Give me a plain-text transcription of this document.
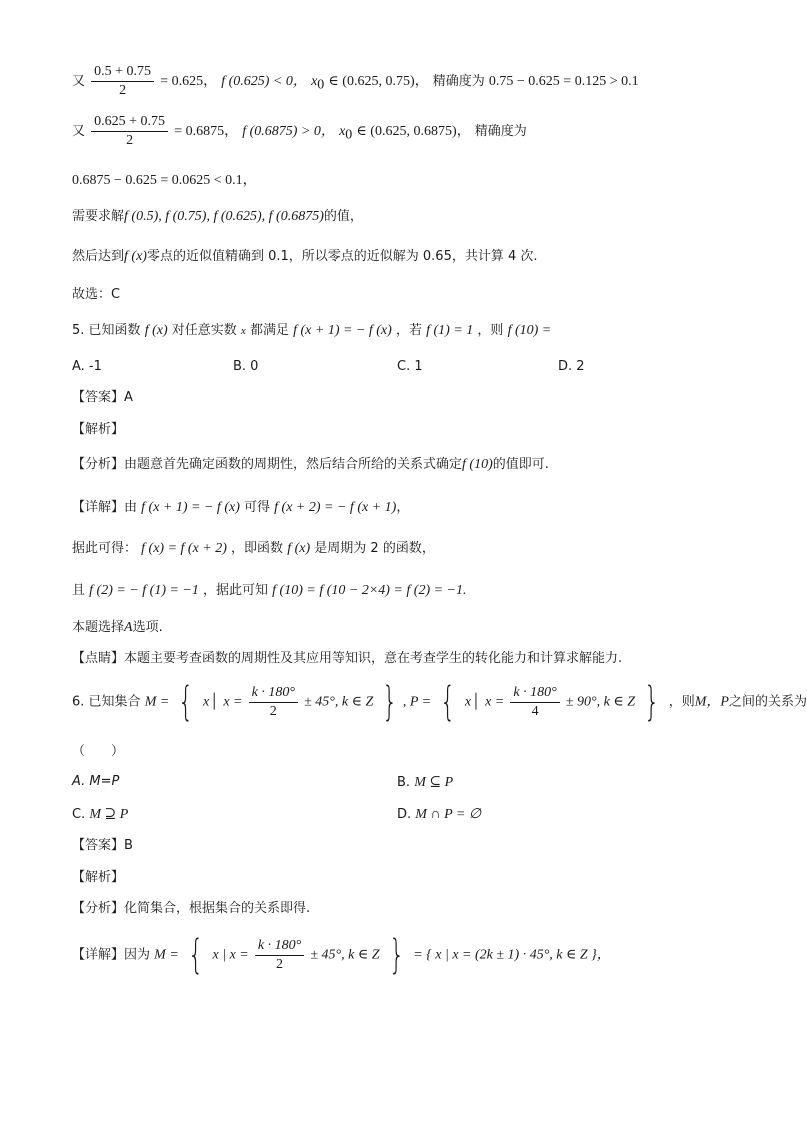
又 $\frac{0.5 + 0.75}{2} = 0.625$， f (0.625) < 0， $x_0$ ∈ (0.625, 0.75)， 精确度为 0.75 − 0.625 = 0.125 > 0.1
又 $\frac{0.625 + 0.75}{2} = 0.6875$， f (0.6875) > 0， $x_0$ ∈ (0.625, 0.6875)， 精确度为
0.6875 − 0.625 = 0.0625 < 0.1，
需要求解f (0.5), f (0.75), f (0.625), f (0.6875)的值，
然后达到f (x)零点的近似值精确到 0.1，所以零点的近似解为 0.65，共计算 4 次.
故选：C
5. 已知函数 f (x) 对任意实数 x 都满足 f (x + 1) = − f (x) ，若 f (1) = 1 ，则 f (10) =
A. -1	B. 0	C. 1	D. 2
【答案】A
【解析】
【分析】由题意首先确定函数的周期性，然后结合所给的关系式确定f (10)的值即可.
【详解】由 f (x + 1) = − f (x) 可得 f (x + 2) = − f (x + 1)，
据此可得： f (x) = f (x + 2) ，即函数 f (x) 是周期为 2 的函数，
且 f (2) = − f (1) = −1 ，据此可知 f (10) = f (10 − 2×4) = f (2) = −1.
本题选择A选项.
【点睛】本题主要考查函数的周期性及其应用等知识，意在考查学生的转化能力和计算求解能力.
6. 已知集合 M = { x│ $x = \frac{k \cdot 180^\circ}{2} \pm 45^\circ$, k ∈ Z } , P = { x│ $x = \frac{k \cdot 180^\circ}{4} \pm 90^\circ$, k ∈ Z } ，则M，P之间的关系为
（　　）
A. M=P	B. M ⊆ P
C. M ⊇ P	D. M ∩ P = ∅
【答案】B
【解析】
【分析】化简集合，根据集合的关系即得.
【详解】因为 M = { x | $x = \frac{k \cdot 180^\circ}{2} \pm 45^\circ$, k ∈ Z } = { x | x = (2k ± 1) · 45°, k ∈ Z }，
